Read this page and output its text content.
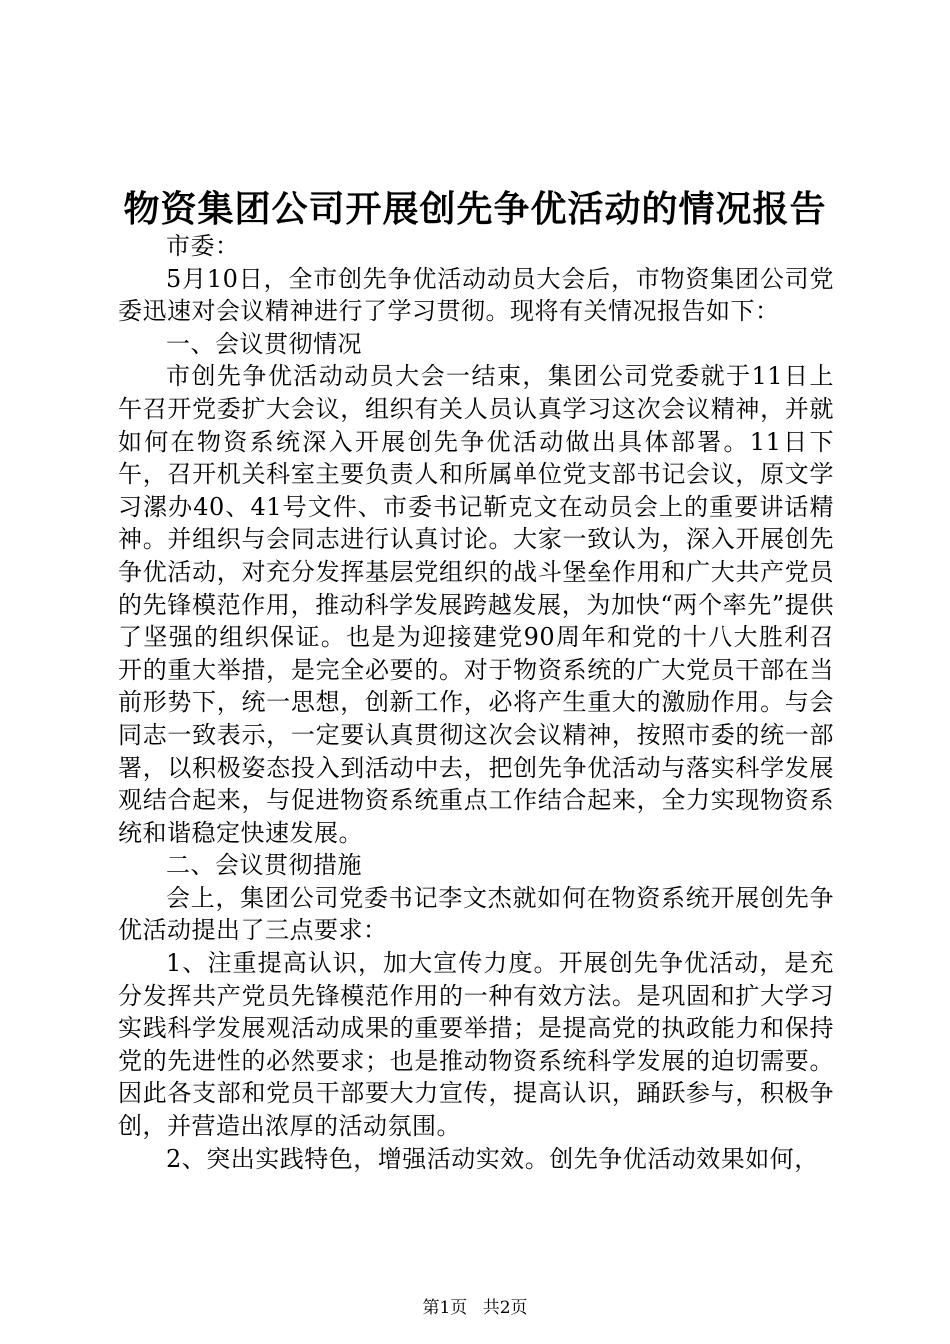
物资集团公司开展创先争优活动的情况报告

市委：

5月10日，全市创先争优活动动员大会后，市物资集团公司党委迅速对会议精神进行了学习贯彻。现将有关情况报告如下：

一、会议贯彻情况

市创先争优活动动员大会一结束，集团公司党委就于11日上午召开党委扩大会议，组织有关人员认真学习这次会议精神，并就如何在物资系统深入开展创先争优活动做出具体部署。11日下午，召开机关科室主要负责人和所属单位党支部书记会议，原文学习漯办40、41号文件、市委书记靳克文在动员会上的重要讲话精神。并组织与会同志进行认真讨论。大家一致认为，深入开展创先争优活动，对充分发挥基层党组织的战斗堡垒作用和广大共产党员的先锋模范作用，推动科学发展跨越发展，为加快“两个率先”提供了坚强的组织保证。也是为迎接建党90周年和党的十八大胜利召开的重大举措，是完全必要的。对于物资系统的广大党员干部在当前形势下，统一思想，创新工作，必将产生重大的激励作用。与会同志一致表示，一定要认真贯彻这次会议精神，按照市委的统一部署，以积极姿态投入到活动中去，把创先争优活动与落实科学发展观结合起来，与促进物资系统重点工作结合起来，全力实现物资系统和谐稳定快速发展。

二、会议贯彻措施

会上，集团公司党委书记李文杰就如何在物资系统开展创先争优活动提出了三点要求：

1、注重提高认识，加大宣传力度。开展创先争优活动，是充分发挥共产党员先锋模范作用的一种有效方法。是巩固和扩大学习实践科学发展观活动成果的重要举措；是提高党的执政能力和保持党的先进性的必然要求；也是推动物资系统科学发展的迫切需要。因此各支部和党员干部要大力宣传，提高认识，踊跃参与，积极争创，并营造出浓厚的活动氛围。

2、突出实践特色，增强活动实效。创先争优活动效果如何，

第1页 共2页
